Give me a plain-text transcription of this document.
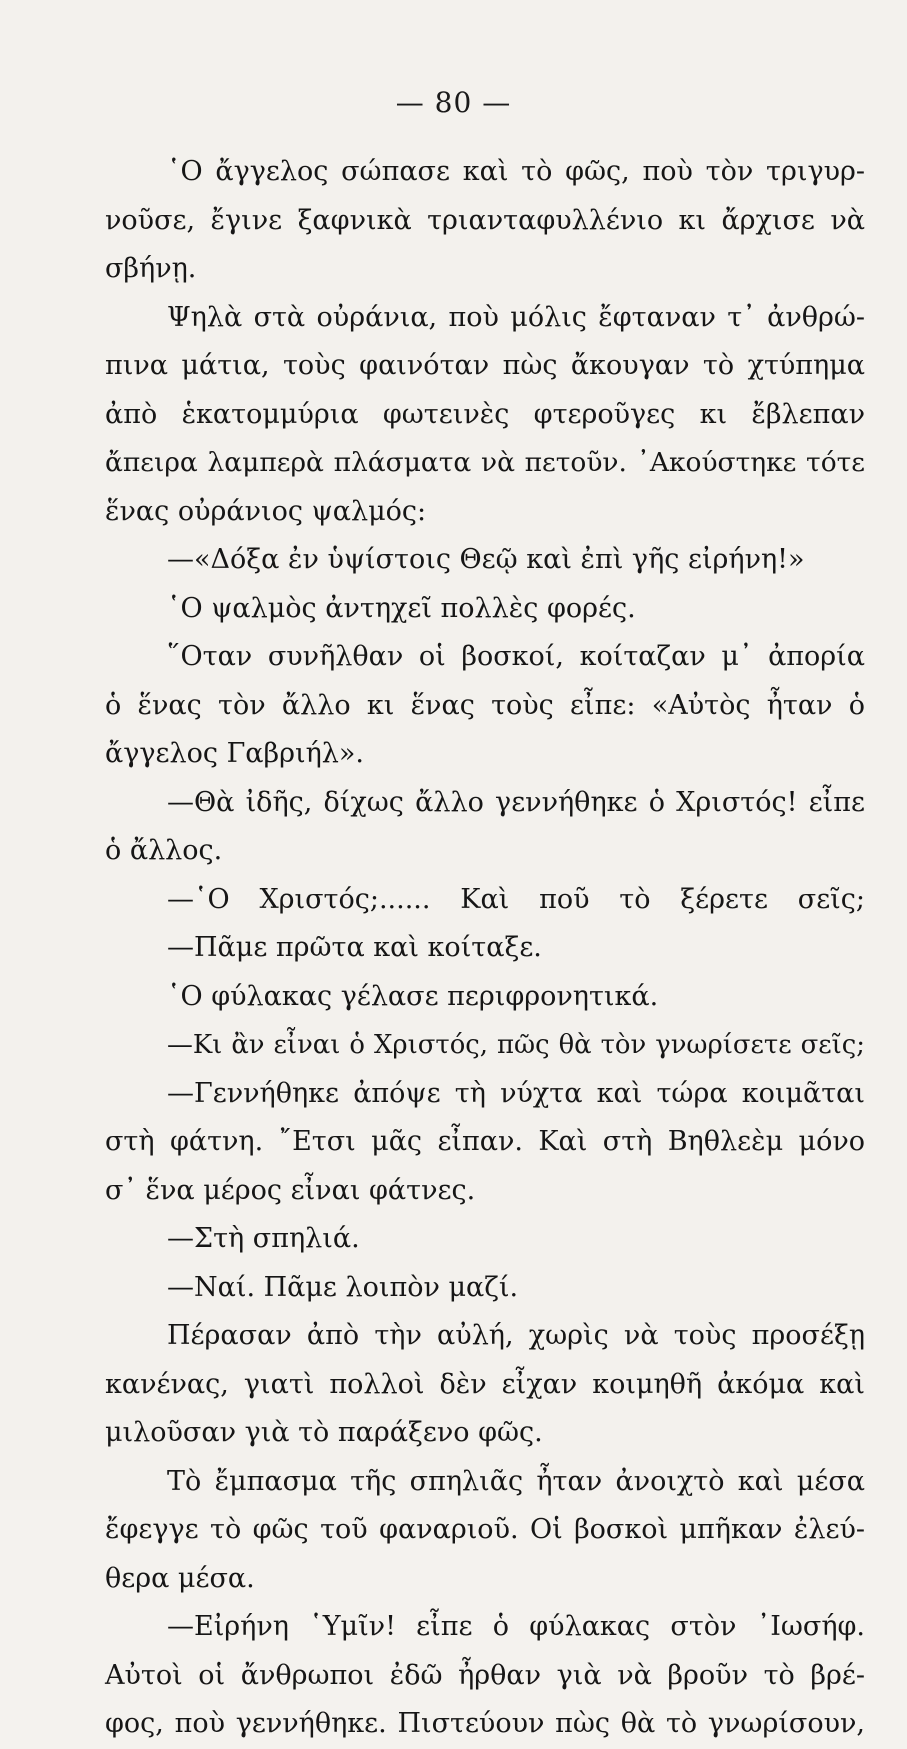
— 80 —
῾Ο ἄγγελος σώπασε καὶ τὸ φῶς, ποὺ τὸν τριγυρ-
νοῦσε, ἔγινε ξαφνικὰ τριανταφυλλένιο κι ἄρχισε νὰ
σβήνῃ.
Ψηλὰ στὰ οὐράνια, ποὺ μόλις ἔφταναν τ᾽ ἀνθρώ-
πινα μάτια, τοὺς φαινόταν πὼς ἄκουγαν τὸ χτύπημα
ἀπὸ ἑκατομμύρια φωτεινὲς φτεροῦγες κι ἔβλεπαν
ἄπειρα λαμπερὰ πλάσματα νὰ πετοῦν. ᾽Ακούστηκε τότε
ἕνας οὐράνιος ψαλμός:
—«Δόξα ἐν ὑψίστοις Θεῷ καὶ ἐπὶ γῆς εἰρήνη!»
῾Ο ψαλμὸς ἀντηχεῖ πολλὲς φορές.
῞Οταν συνῆλθαν οἱ βοσκοί, κοίταζαν μ᾽ ἀπορία
ὁ ἕνας τὸν ἄλλο κι ἕνας τοὺς εἶπε: «Αὐτὸς ἦταν ὁ
ἄγγελος Γαβριήλ».
—Θὰ ἰδῆς, δίχως ἄλλο γεννήθηκε ὁ Χριστός! εἶπε
ὁ ἄλλος.
—῾Ο Χριστός;...... Καὶ ποῦ τὸ ξέρετε σεῖς;
—Πᾶμε πρῶτα καὶ κοίταξε.
῾Ο φύλακας γέλασε περιφρονητικά.
—Κι ἂν εἶναι ὁ Χριστός, πῶς θὰ τὸν γνωρίσετε σεῖς;
—Γεννήθηκε ἀπόψε τὴ νύχτα καὶ τώρα κοιμᾶται
στὴ φάτνη. ῎Ετσι μᾶς εἶπαν. Καὶ στὴ Βηθλεὲμ μόνο
σ᾽ ἕνα μέρος εἶναι φάτνες.
—Στὴ σπηλιά.
—Ναί. Πᾶμε λοιπὸν μαζί.
Πέρασαν ἀπὸ τὴν αὐλή, χωρὶς νὰ τοὺς προσέξῃ
κανένας, γιατὶ πολλοὶ δὲν εἶχαν κοιμηθῆ ἀκόμα καὶ
μιλοῦσαν γιὰ τὸ παράξενο φῶς.
Τὸ ἔμπασμα τῆς σπηλιᾶς ἦταν ἀνοιχτὸ καὶ μέσα
ἔφεγγε τὸ φῶς τοῦ φαναριοῦ. Οἱ βοσκοὶ μπῆκαν ἐλεύ-
θερα μέσα.
—Εἰρήνη ῾Υμῖν! εἶπε ὁ φύλακας στὸν ᾽Ιωσήφ.
Αὐτοὶ οἱ ἄνθρωποι ἐδῶ ἦρθαν γιὰ νὰ βροῦν τὸ βρέ-
φος, ποὺ γεννήθηκε. Πιστεύουν πὼς θὰ τὸ γνωρίσουν,
